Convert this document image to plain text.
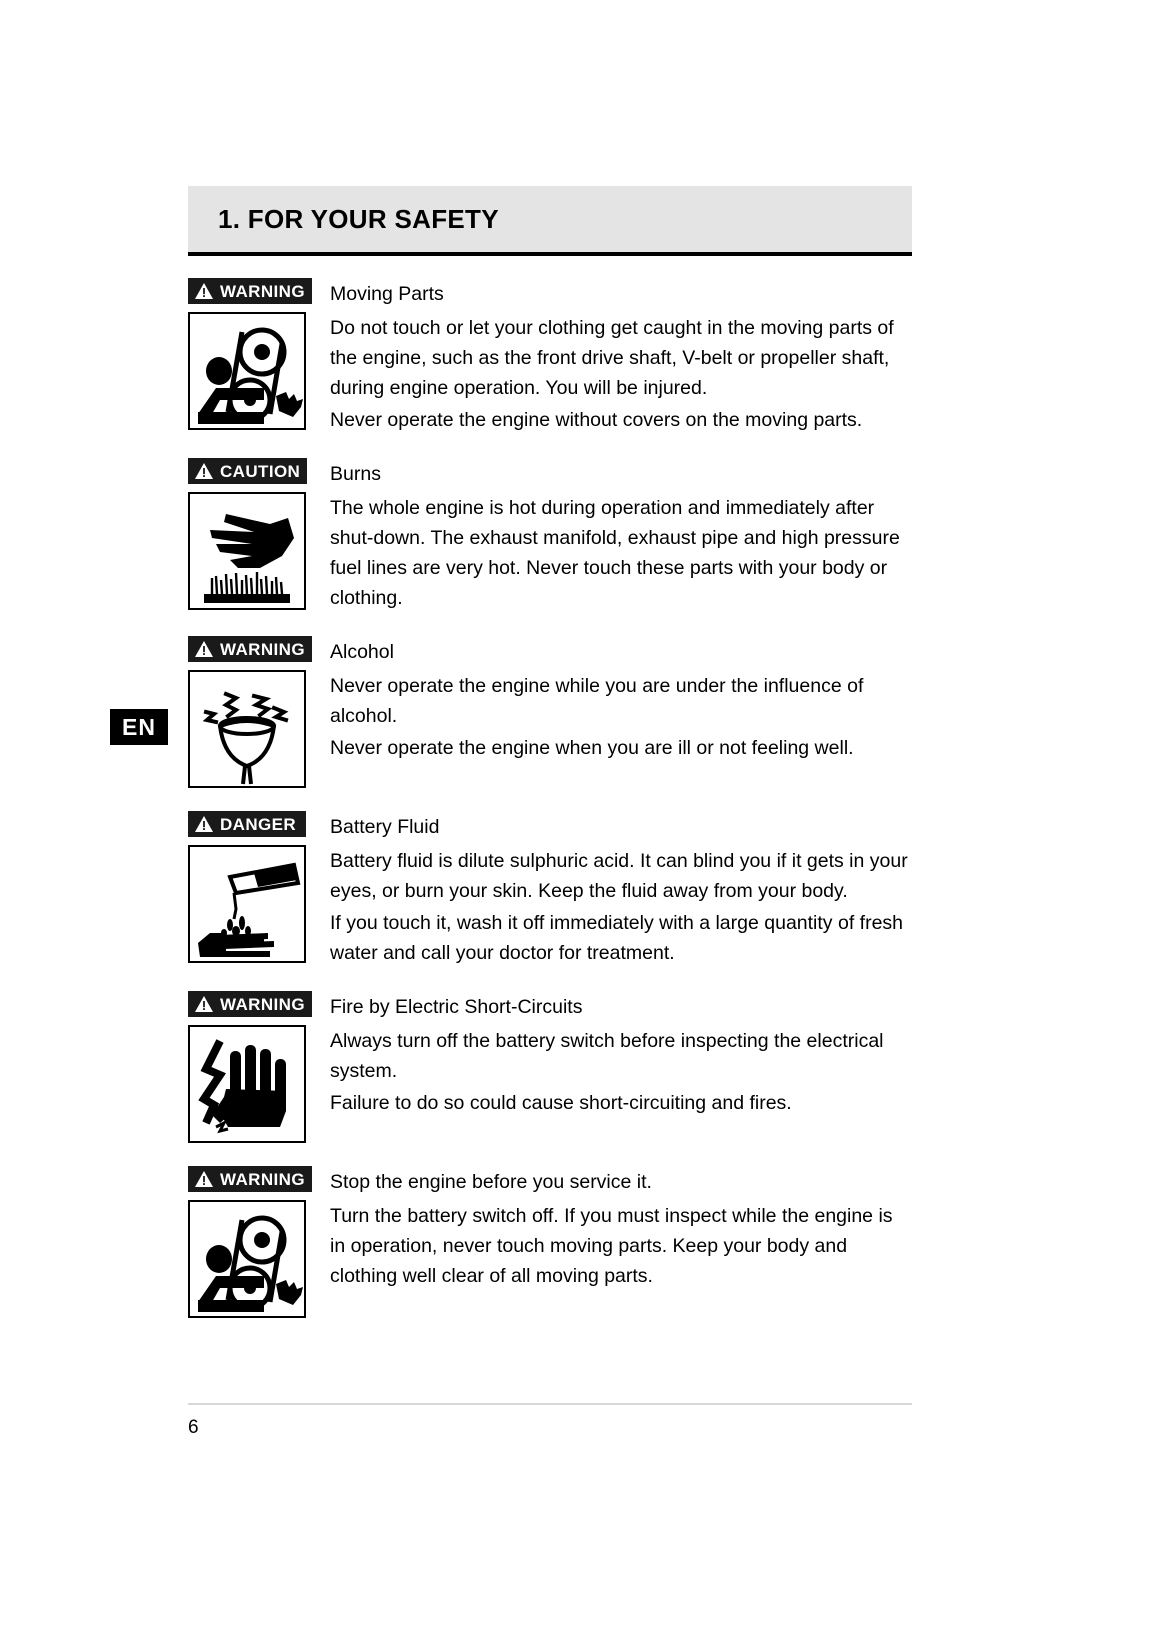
EN
1. FOR YOUR SAFETY
WARNING Moving Parts

Do not touch or let your clothing get caught in the moving parts of the engine, such as the front drive shaft, V-belt or propeller shaft, during engine operation. You will be injured.

Never operate the engine without covers on the moving parts.

CAUTION Burns

The whole engine is hot during operation and immediately after shut-down. The exhaust manifold, exhaust pipe and high pressure fuel lines are very hot. Never touch these parts with your body or clothing.

WARNING Alcohol

Never operate the engine while you are under the influence of alcohol.

Never operate the engine when you are ill or not feeling well.

DANGER Battery Fluid

Battery fluid is dilute sulphuric acid. It can blind you if it gets in your eyes, or burn your skin. Keep the fluid away from your body.

If you touch it, wash it off immediately with a large quantity of fresh water and call your doctor for treatment.

WARNING Fire by Electric Short-Circuits

Always turn off the battery switch before inspecting the electrical system.

Failure to do so could cause short-circuiting and fires.

WARNING Stop the engine before you service it.

Turn the battery switch off. If you must inspect while the engine is in operation, never touch moving parts. Keep your body and clothing well clear of all moving parts.

6
